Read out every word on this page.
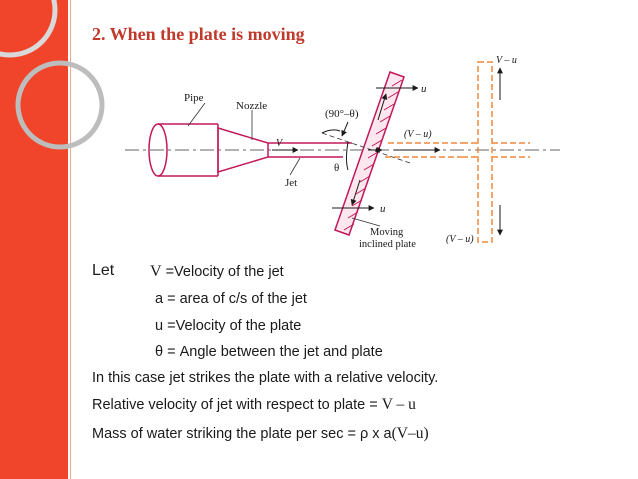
2. When the plate is moving
Pipe
Nozzle
V
Jet
(90°–θ)
θ
u
u
(V – u)
V – u
(V – u)
Moving
inclined plate
Let V =Velocity of the jet
a = area of c/s of the jet
u =Velocity of the plate
θ = Angle between the jet and plate
In this case jet strikes the plate with a relative velocity.
Relative velocity of jet with respect to plate = V – u
Mass of water striking the plate per sec = ρ x a(V–u)
